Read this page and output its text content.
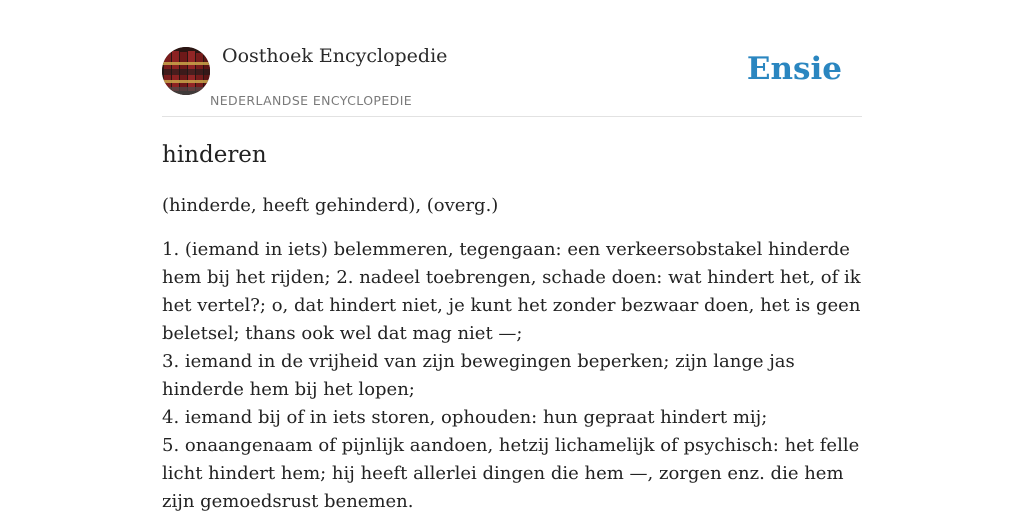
Oosthoek Encyclopedie
NEDERLANDSE ENCYCLOPEDIE
Ensie
hinderen

(hinderde, heeft gehinderd), (overg.)

1. (iemand in iets) belemmeren, tegengaan: een verkeersobstakel hinderde hem bij het rijden; 2. nadeel toebrengen, schade doen: wat hindert het, of ik het vertel?; o, dat hindert niet, je kunt het zonder bezwaar doen, het is geen beletsel; thans ook wel dat mag niet —;
3. iemand in de vrijheid van zijn bewegingen beperken; zijn lange jas hinderde hem bij het lopen;
4. iemand bij of in iets storen, ophouden: hun gepraat hindert mij;
5. onaangenaam of pijnlijk aandoen, hetzij lichamelijk of psychisch: het felle licht hindert hem; hij heeft allerlei dingen die hem —, zorgen enz. die hem zijn gemoedsrust benemen.
